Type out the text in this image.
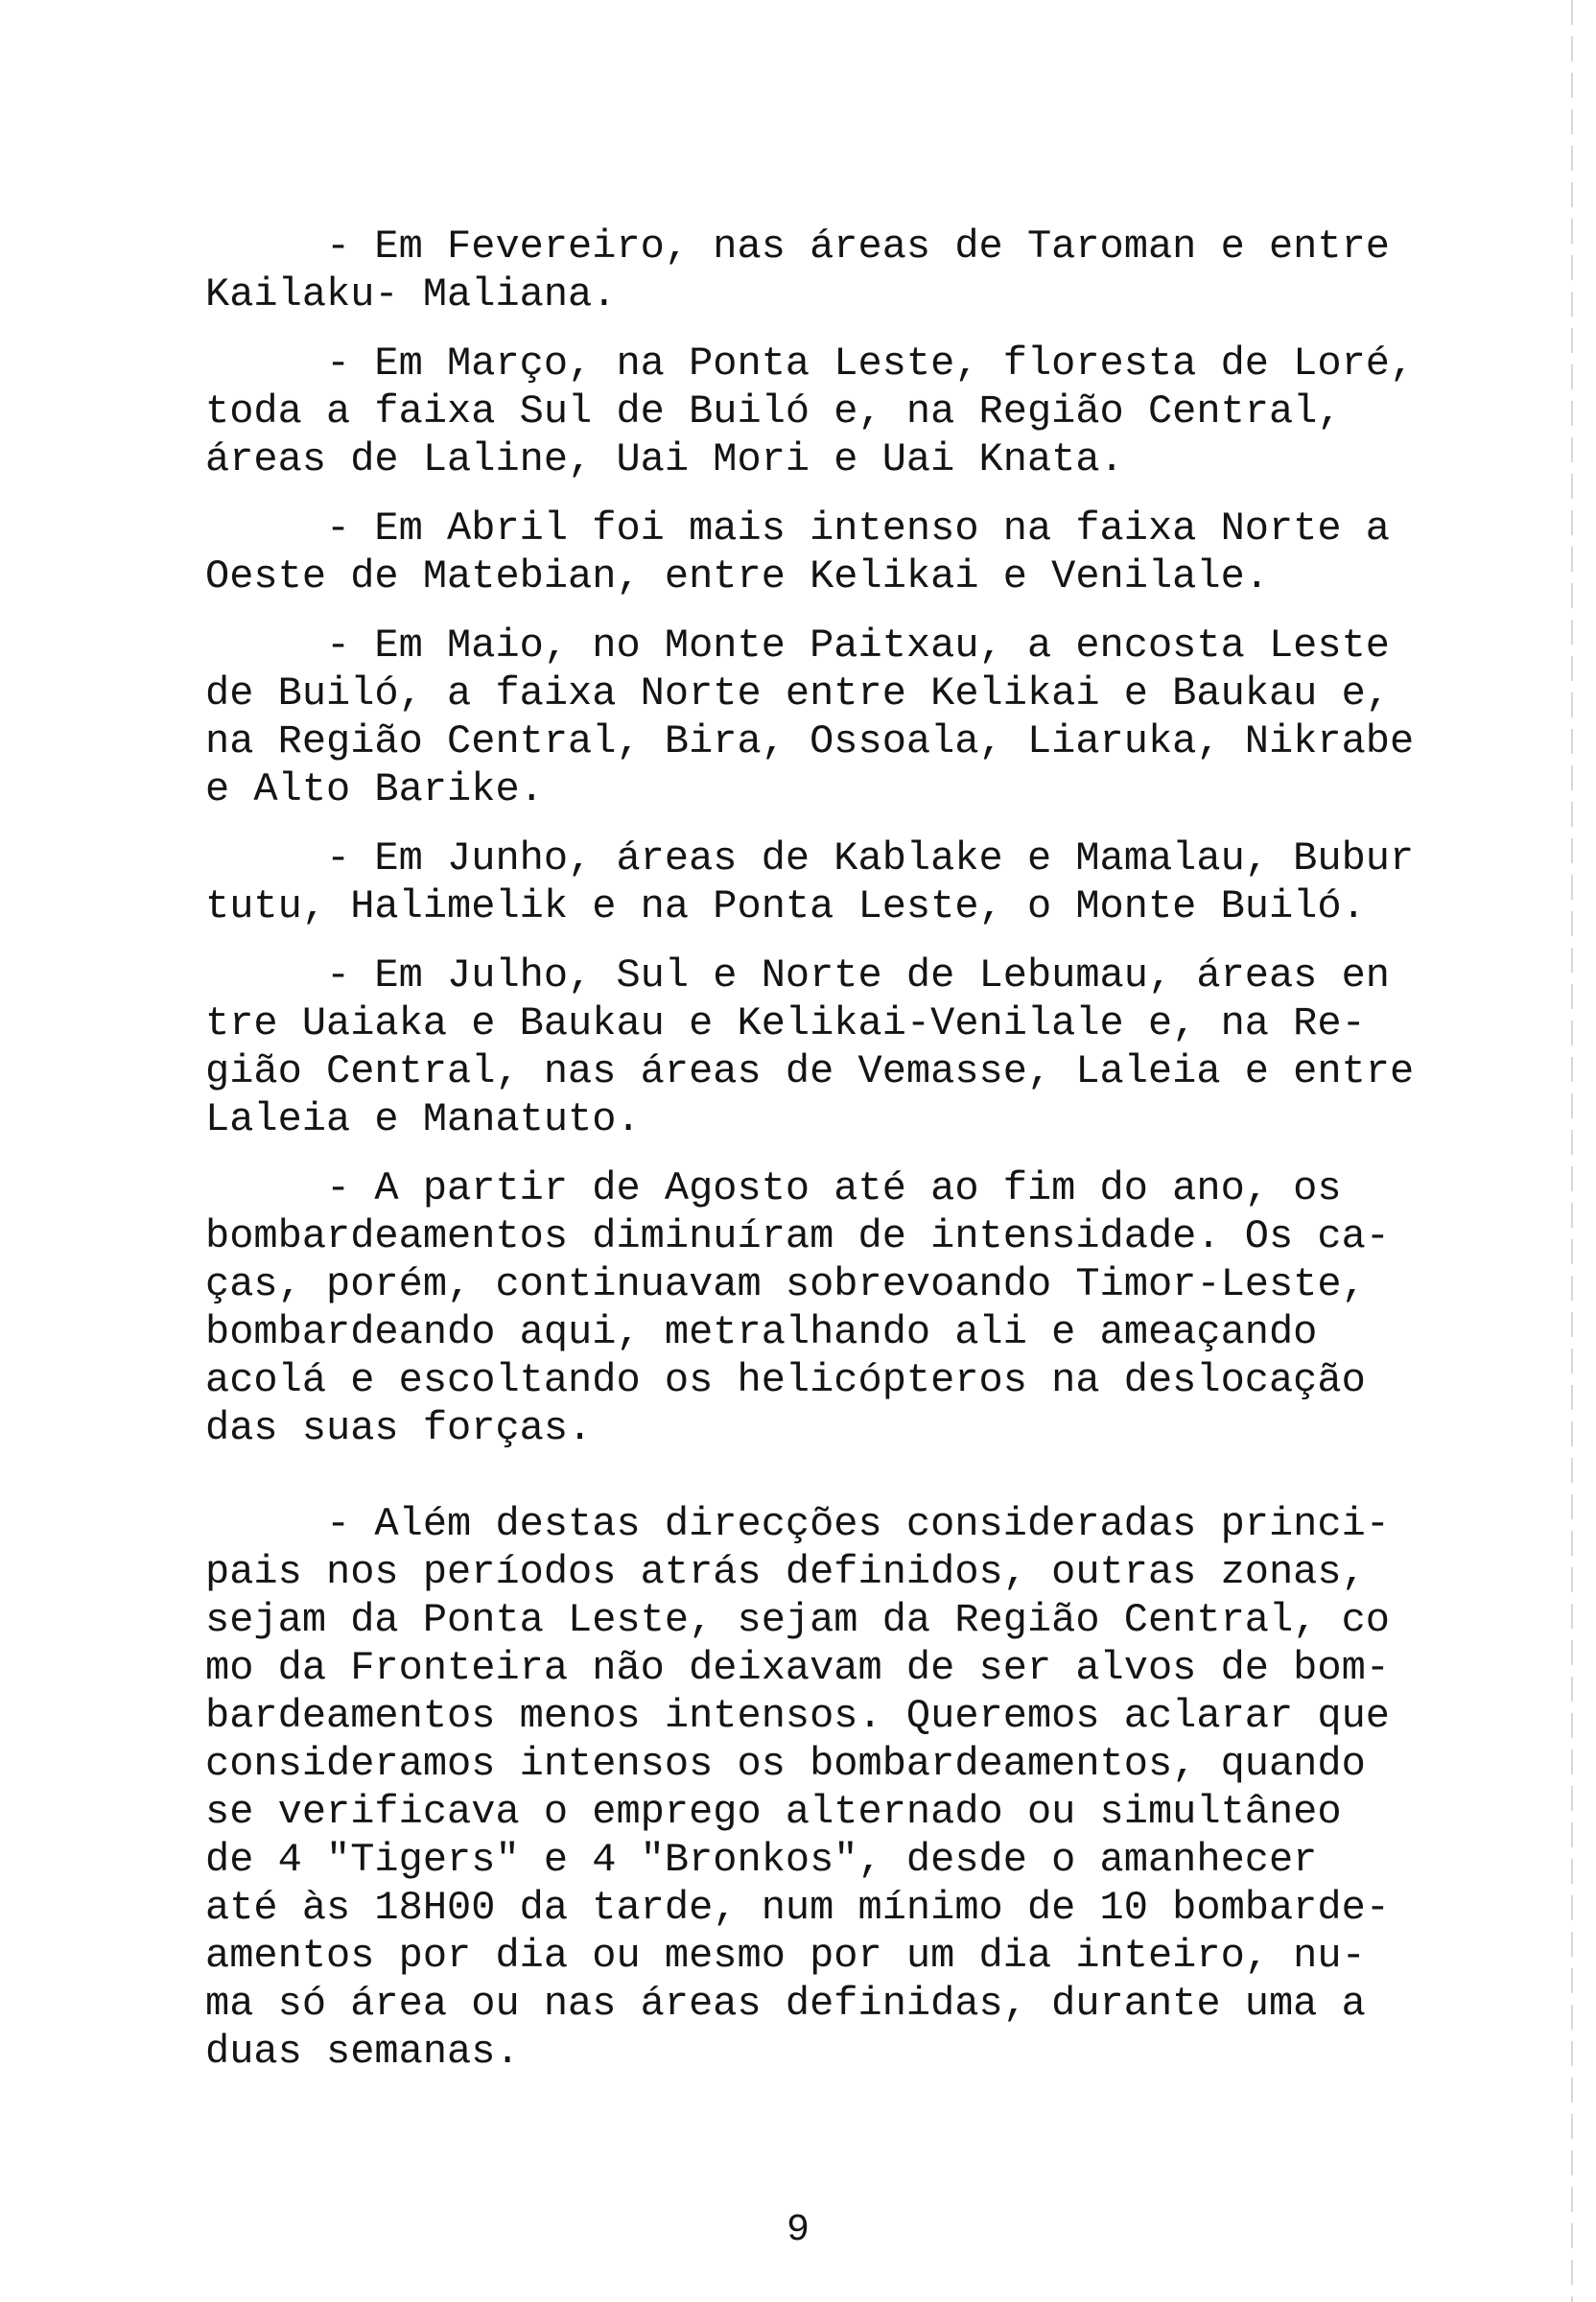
- Em Fevereiro, nas áreas de Taroman e entre
Kailaku- Maliana.
- Em Março, na Ponta Leste, floresta de Loré,
toda a faixa Sul de Builó e, na Região Central,
áreas de Laline, Uai Mori e Uai Knata.
- Em Abril foi mais intenso na faixa Norte a
Oeste de Matebian, entre Kelikai e Venilale.
- Em Maio, no Monte Paitxau, a encosta Leste
de Builó, a faixa Norte entre Kelikai e Baukau e,
na Região Central, Bira, Ossoala, Liaruka, Nikrabe
e Alto Barike.
- Em Junho, áreas de Kablake e Mamalau, Bubur
tutu, Halimelik e na Ponta Leste, o Monte Builó.
- Em Julho, Sul e Norte de Lebumau, áreas en
tre Uaiaka e Baukau e Kelikai-Venilale e, na Re-
gião Central, nas áreas de Vemasse, Laleia e entre
Laleia e Manatuto.
- A partir de Agosto até ao fim do ano, os
bombardeamentos diminuíram de intensidade. Os ca-
ças, porém, continuavam sobrevoando Timor-Leste,
bombardeando aqui, metralhando ali e ameaçando
acolá e escoltando os helicópteros na deslocação
das suas forças.
- Além destas direcções consideradas princi-
pais nos períodos atrás definidos, outras zonas,
sejam da Ponta Leste, sejam da Região Central, co
mo da Fronteira não deixavam de ser alvos de bom-
bardeamentos menos intensos. Queremos aclarar que
consideramos intensos os bombardeamentos, quando
se verificava o emprego alternado ou simultâneo
de 4 "Tigers" e 4 "Bronkos", desde o amanhecer
até às 18H00 da tarde, num mínimo de 10 bombarde-
amentos por dia ou mesmo por um dia inteiro, nu-
ma só área ou nas áreas definidas, durante uma a
duas semanas.
9
